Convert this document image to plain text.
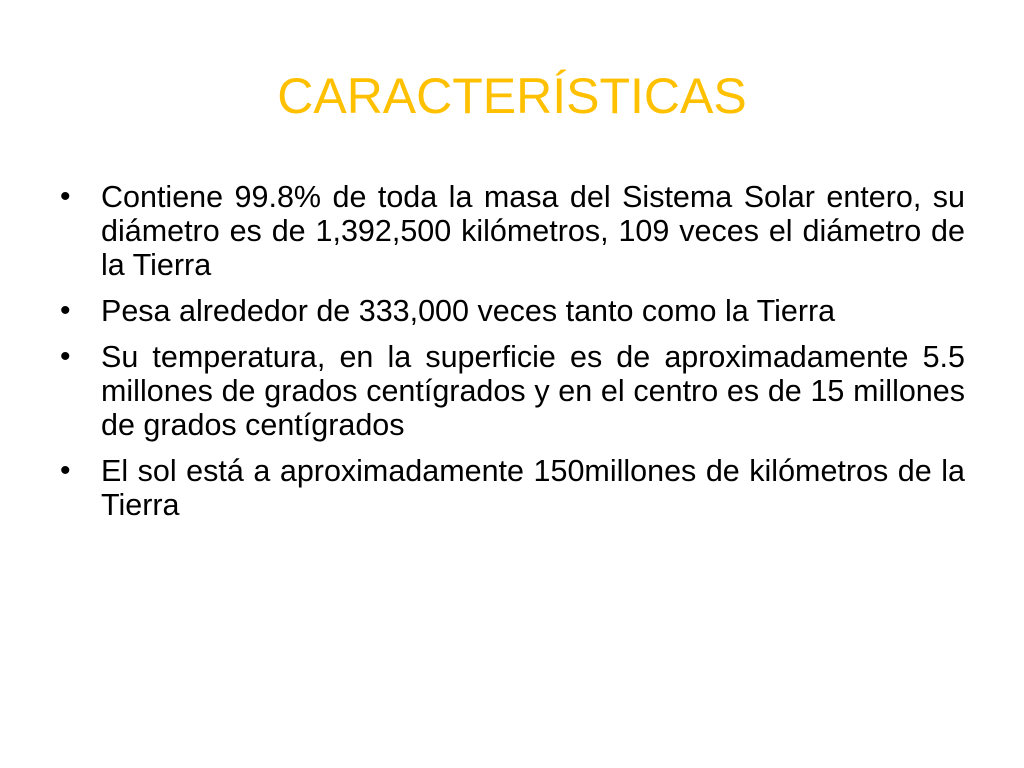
CARACTERÍSTICAS
• Contiene 99.8% de toda la masa del Sistema Solar entero, su diámetro es de 1,392,500 kilómetros, 109 veces el diámetro de la Tierra
• Pesa alrededor de 333,000 veces tanto como la Tierra
• Su temperatura, en la superficie es de aproximadamente 5.5 millones de grados centígrados y en el centro es de 15 millones de grados centígrados
• El sol está a aproximadamente 150millones de kilómetros de la Tierra
